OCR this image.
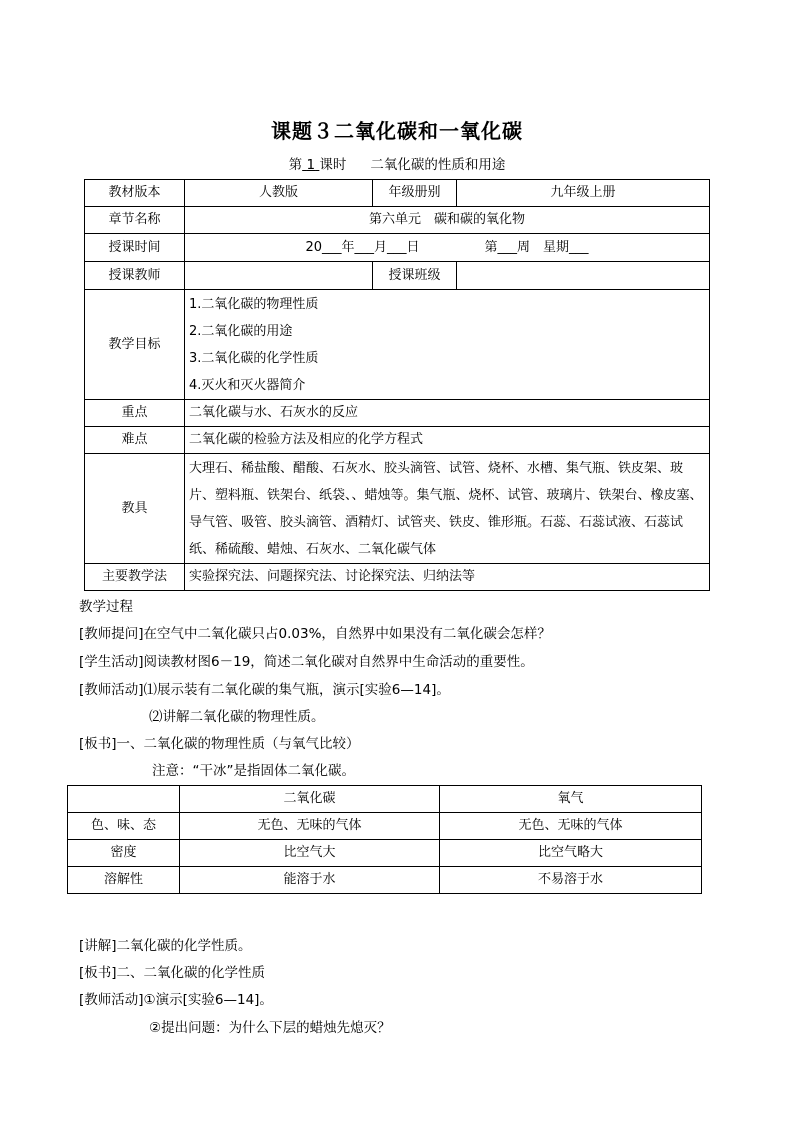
课题３二氧化碳和一氧化碳
第 1 课时 二氧化碳的性质和用途
教材版本	人教版	年级册别	九年级上册
章节名称	第六单元　碳和碳的氧化物		
授课时间	20___年___月___日　　　　　第___周　星期___		
授课教师		授课班级	
教学目标	1.二氧化碳的物理性质
2.二氧化碳的用途
3.二氧化碳的化学性质
4.灭火和灭火器简介		

重点	二氧化碳与水、石灰水的反应		
难点	二氧化碳的检验方法及相应的化学方程式		
教具	大理石、稀盐酸、醋酸、石灰水、胶头滴管、试管、烧杯、水槽、集气瓶、铁皮架、玻片、塑料瓶、铁架台、纸袋、、蜡烛等。集气瓶、烧杯、试管、玻璃片、铁架台、橡皮塞、导气管、吸管、胶头滴管、酒精灯、试管夹、铁皮、锥形瓶。石蕊、石蕊试液、石蕊试纸、稀硫酸、蜡烛、石灰水、二氧化碳气体		
主要教学法	实验探究法、问题探究法、讨论探究法、归纳法等		
教学过程
[教师提问]在空气中二氧化碳只占0.03%，自然界中如果没有二氧化碳会怎样？
[学生活动]阅读教材图6－19，简述二氧化碳对自然界中生命活动的重要性。
[教师活动]⑴展示装有二氧化碳的集气瓶，演示[实验6—14]。
⑵讲解二氧化碳的物理性质。
[板书]一、二氧化碳的物理性质（与氧气比较）
注意：“干冰”是指固体二氧化碳。
	二氧化碳	氧气
色、味、态	无色、无味的气体	无色、无味的气体
密度	比空气大	比空气略大
溶解性	能溶于水	不易溶于水
[讲解]二氧化碳的化学性质。
[板书]二、二氧化碳的化学性质
[教师活动]①演示[实验6—14]。
②提出问题：为什么下层的蜡烛先熄灭？
